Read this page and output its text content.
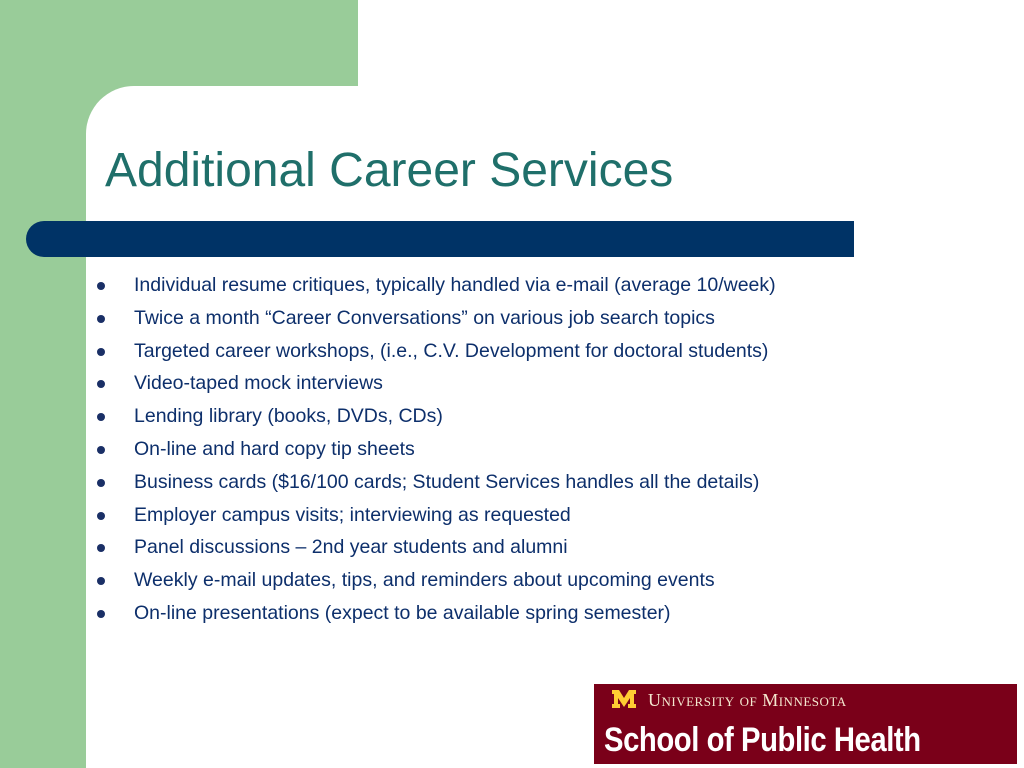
Additional Career Services
Individual resume critiques, typically handled via e-mail (average 10/week)
Twice a month “Career Conversations” on various job search topics
Targeted career workshops, (i.e., C.V. Development for doctoral students)
Video-taped mock interviews
Lending library (books, DVDs, CDs)
On-line and hard copy tip sheets
Business cards ($16/100 cards; Student Services handles all the details)
Employer campus visits; interviewing as requested
Panel discussions – 2nd year students and alumni
Weekly e-mail updates, tips, and reminders about upcoming events
On-line presentations (expect to be available spring semester)
University of Minnesota
School of Public Health
